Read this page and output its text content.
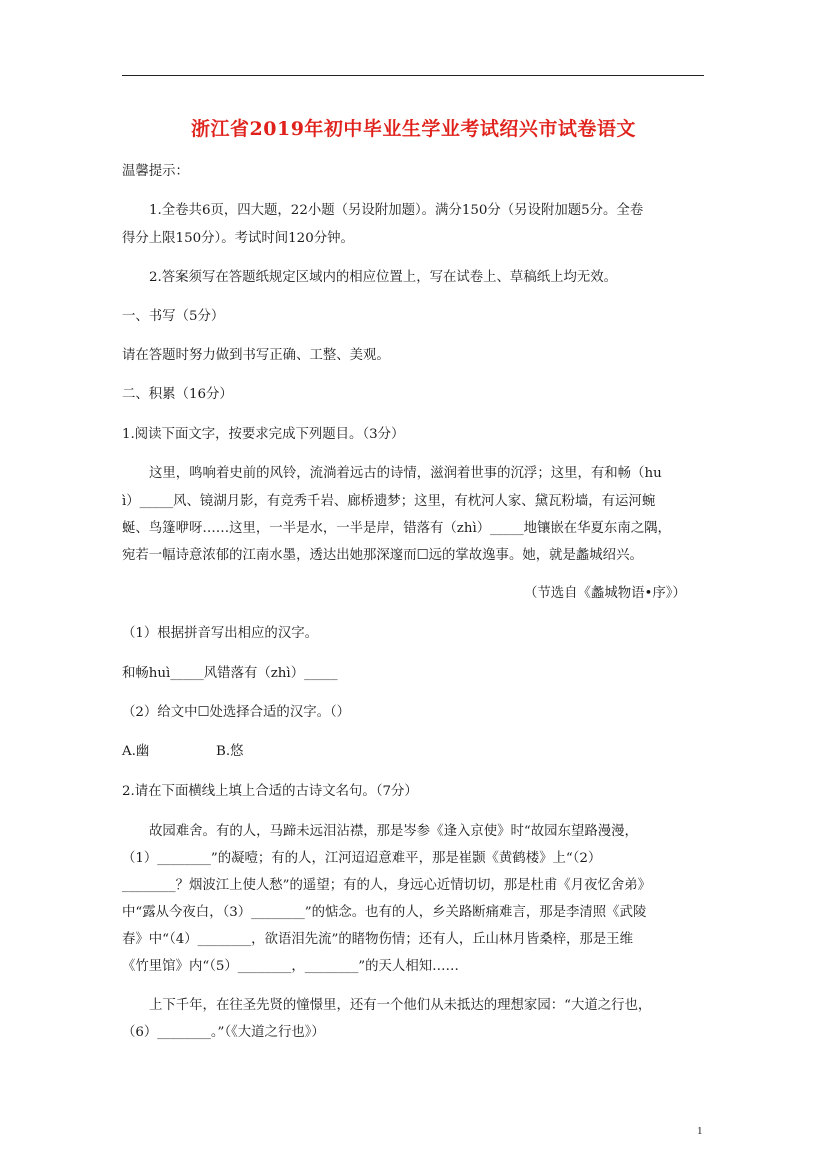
浙江省2019年初中毕业生学业考试绍兴市试卷语文
温馨提示：
1.全卷共6页，四大题，22小题（另设附加题）。满分150分（另设附加题5分。全卷
得分上限150分）。考试时间120分钟。
2.答案须写在答题纸规定区域内的相应位置上，写在试卷上、草稿纸上均无效。
一、书写（5分）
请在答题时努力做到书写正确、工整、美观。
二、积累（16分）
1.阅读下面文字，按要求完成下列题目。（3分）
这里，鸣响着史前的风铃，流淌着远古的诗情，滋润着世事的沉浮；这里，有和畅（hu
ì）_____风、镜湖月影，有竞秀千岩、廊桥遗梦；这里，有枕河人家、黛瓦粉墙，有运河蜿
蜒、鸟篷咿呀……这里，一半是水，一半是岸，错落有（zhì）_____地镶嵌在华夏东南之隅，
宛若一幅诗意浓郁的江南水墨，透达出她那深邃而☐远的掌故逸事。她，就是蠡城绍兴。
（节选自《蠡城物语•序》）
（1）根据拼音写出相应的汉字。
和畅huì_____风错落有（zhì）_____
（2）给文中☐处选择合适的汉字。（）
A.幽	B.悠
2.请在下面横线上填上合适的古诗文名句。（7分）
故园难舍。有的人，马蹄未远泪沾襟，那是岑参《逢入京使》时“故园东望路漫漫，
（1）________”的凝噎；有的人，江河迢迢意难平，那是崔颢《黄鹤楼》上“（2）
________？烟波江上使人愁”的遥望；有的人，身远心近情切切，那是杜甫《月夜忆舍弟》
中“露从今夜白，（3）________”的惦念。也有的人，乡关路断痛难言，那是李清照《武陵
春》中“（4）________，欲语泪先流”的睹物伤情；还有人，丘山林月皆桑梓，那是王维
《竹里馆》内“（5）________，________”的天人相知……
上下千年，在往圣先贤的憧憬里，还有一个他们从未抵达的理想家园：“大道之行也，
（6）________。”（《大道之行也》）
1
